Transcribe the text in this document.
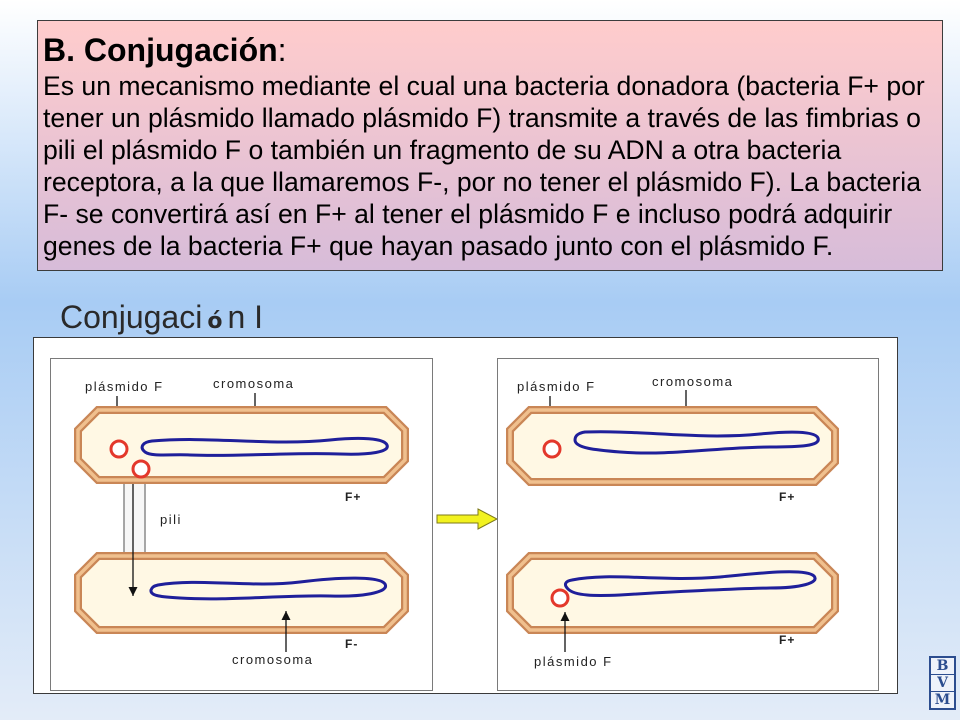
B. Conjugación:
Es un mecanismo mediante el cual una bacteria donadora (bacteria F+ por
tener un plásmido llamado plásmido F) transmite a través de las fimbrias o
pili el plásmido F o también un fragmento de su ADN a otra bacteria
receptora, a la que llamaremos F-, por no tener el plásmido F). La bacteria
F- se convertirá así en F+ al tener el plásmido F e incluso podrá adquirir
genes de la bacteria F+ que hayan pasado junto con el plásmido F.
Conjugaci ó n I
plásmido F	cromosoma
F+
pili
F-
cromosoma
plásmido F	cromosoma
F+
F+
plásmido F	B
V
M
